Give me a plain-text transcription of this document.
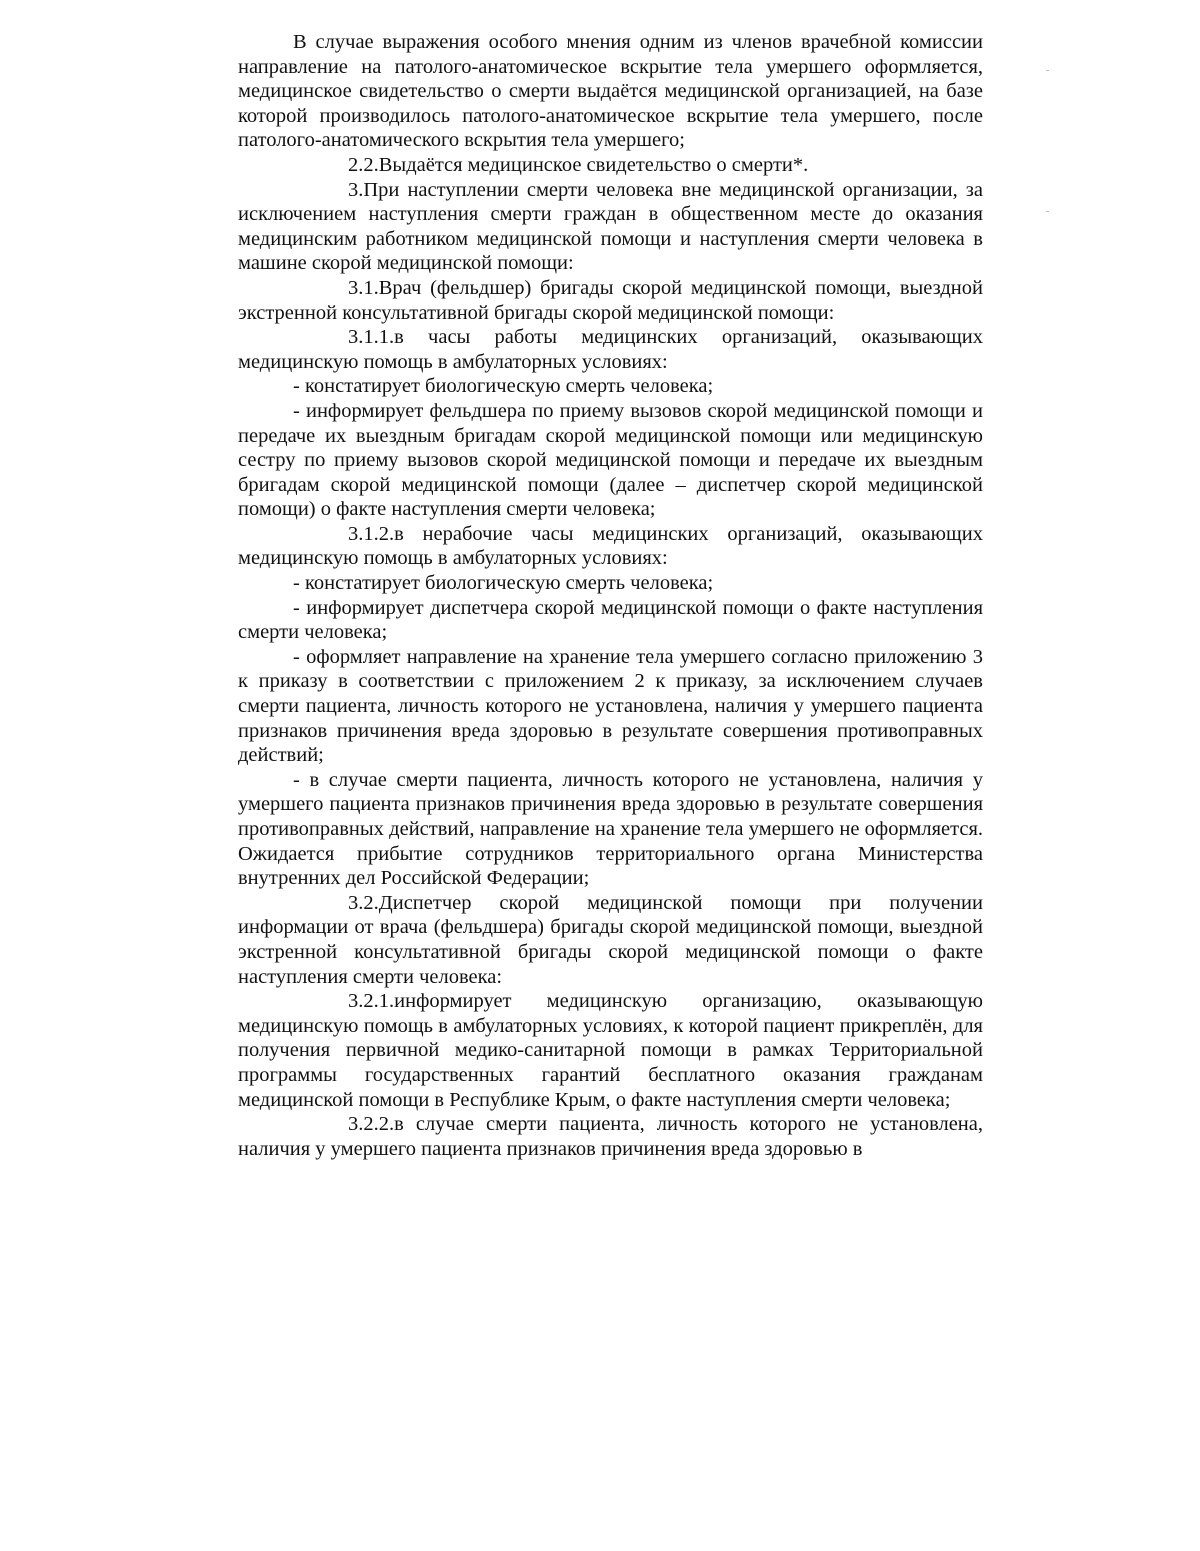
В случае выражения особого мнения одним из членов врачебной комиссии направление на патолого-анатомическое вскрытие тела умершего оформляется, медицинское свидетельство о смерти выдаётся медицинской организацией, на базе которой производилось патолого-анатомическое вскрытие тела умершего, после патолого-анатомического вскрытия тела умершего;

2.2.Выдаётся медицинское свидетельство о смерти*.

3.При наступлении смерти человека вне медицинской организации, за исключением наступления смерти граждан в общественном месте до оказания медицинским работником медицинской помощи и наступления смерти человека в машине скорой медицинской помощи:

3.1.Врач (фельдшер) бригады скорой медицинской помощи, выездной экстренной консультативной бригады скорой медицинской помощи:

3.1.1.в часы работы медицинских организаций, оказывающих медицинскую помощь в амбулаторных условиях:

- констатирует биологическую смерть человека;

- информирует фельдшера по приему вызовов скорой медицинской помощи и передаче их выездным бригадам скорой медицинской помощи или медицинскую сестру по приему вызовов скорой медицинской помощи и передаче их выездным бригадам скорой медицинской помощи (далее – диспетчер скорой медицинской помощи) о факте наступления смерти человека;

3.1.2.в нерабочие часы медицинских организаций, оказывающих медицинскую помощь в амбулаторных условиях:

- констатирует биологическую смерть человека;

- информирует диспетчера скорой медицинской помощи о факте наступления смерти человека;

- оформляет направление на хранение тела умершего согласно приложению 3 к приказу в соответствии с приложением 2 к приказу, за исключением случаев смерти пациента, личность которого не установлена, наличия у умершего пациента признаков причинения вреда здоровью в результате совершения противоправных действий;

- в случае смерти пациента, личность которого не установлена, наличия у умершего пациента признаков причинения вреда здоровью в результате совершения противоправных действий, направление на хранение тела умершего не оформляется. Ожидается прибытие сотрудников территориального органа Министерства внутренних дел Российской Федерации;

3.2.Диспетчер скорой медицинской помощи при получении информации от врача (фельдшера) бригады скорой медицинской помощи, выездной экстренной консультативной бригады скорой медицинской помощи о факте наступления смерти человека:

3.2.1.информирует медицинскую организацию, оказывающую медицинскую помощь в амбулаторных условиях, к которой пациент прикреплён, для получения первичной медико-санитарной помощи в рамках Территориальной программы государственных гарантий бесплатного оказания гражданам медицинской помощи в Республике Крым, о факте наступления смерти человека;

3.2.2.в случае смерти пациента, личность которого не установлена, наличия у умершего пациента признаков причинения вреда здоровью в
